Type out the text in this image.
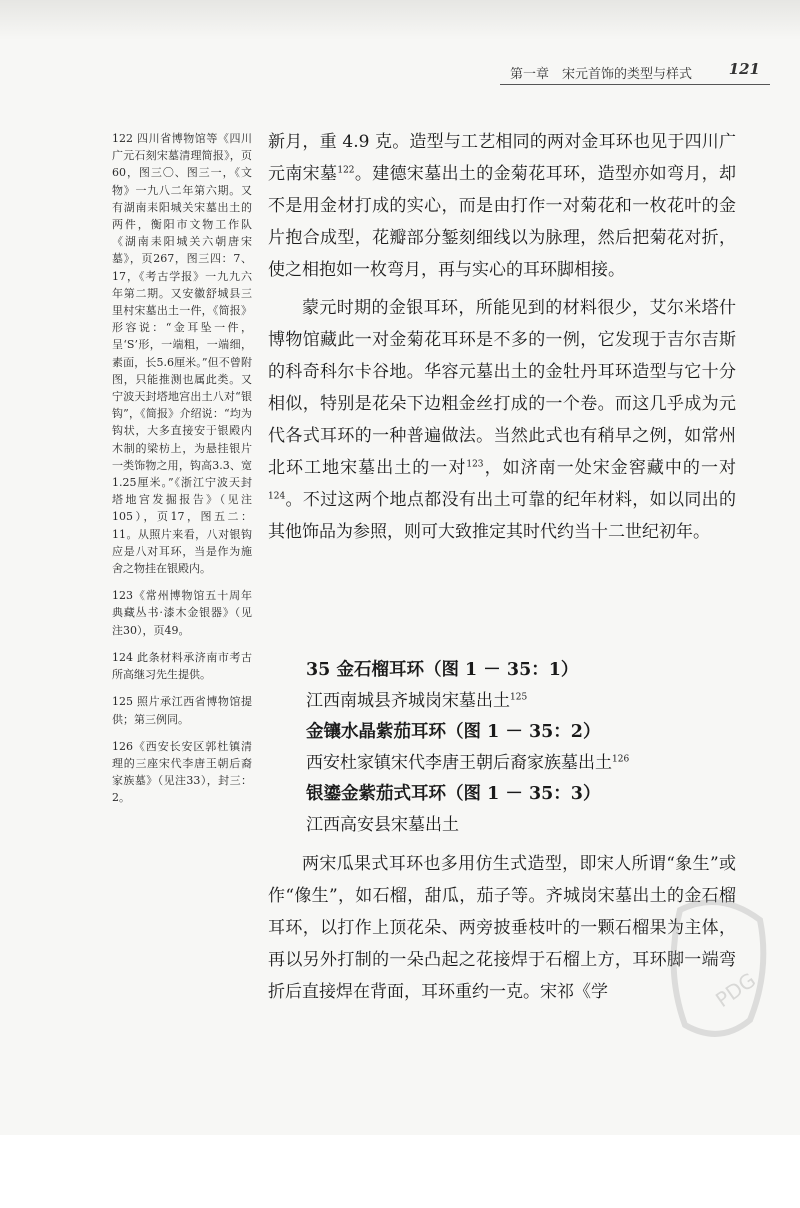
第一章　宋元首饰的类型与样式 121

122 四川省博物馆等《四川广元石刻宋墓清理简报》，页60，图三〇、图三一，《文物》一九八二年第六期。又有湖南耒阳城关宋墓出土的两件，衡阳市文物工作队《湖南耒阳城关六朝唐宋墓》，页267，图三四：7、17，《考古学报》一九九六年第二期。又安徽舒城县三里村宋墓出土一件，《简报》形容说：“金耳坠一件，呈‘S’形，一端粗，一端细，素面，长5.6厘米。”但不曾附图，只能推测也属此类。又宁波天封塔地宫出土八对“银钩”，《简报》介绍说：“均为钩状，大多直接安于银殿内木制的梁枋上，为悬挂银片一类饰物之用，钩高3.3、宽1.25厘米。”《浙江宁波天封塔地宫发掘报告》（见注105），页17，图五二：11。从照片来看，八对银钩应是八对耳环，当是作为施舍之物挂在银殿内。

123《常州博物馆五十周年典藏丛书·漆木金银器》（见注30），页49。

124 此条材料承济南市考古所高继习先生提供。

125 照片承江西省博物馆提供；第三例同。

126《西安长安区郭杜镇清理的三座宋代李唐王朝后裔家族墓》（见注33），封三：2。

新月，重 4.9 克。造型与工艺相同的两对金耳环也见于四川广元南宋墓$^{122}$。建德宋墓出土的金菊花耳环，造型亦如弯月，却不是用金材打成的实心，而是由打作一对菊花和一枚花叶的金片抱合成型，花瓣部分錾刻细线以为脉理，然后把菊花对折，使之相抱如一枚弯月，再与实心的耳环脚相接。

蒙元时期的金银耳环，所能见到的材料很少，艾尔米塔什博物馆藏此一对金菊花耳环是不多的一例，它发现于吉尔吉斯的科奇科尔卡谷地。华容元墓出土的金牡丹耳环造型与它十分相似，特别是花朵下边粗金丝打成的一个卷。而这几乎成为元代各式耳环的一种普遍做法。当然此式也有稍早之例，如常州北环工地宋墓出土的一对$^{123}$，如济南一处宋金窖藏中的一对$^{124}$。不过这两个地点都没有出土可靠的纪年材料，如以同出的其他饰品为参照，则可大致推定其时代约当十二世纪初年。

35 金石榴耳环（图 1 － 35：1）
江西南城县齐城岗宋墓出土$^{125}$
金镶水晶紫茄耳环（图 1 － 35：2）
西安杜家镇宋代李唐王朝后裔家族墓出土$^{126}$
银鎏金紫茄式耳环（图 1 － 35：3）
江西高安县宋墓出土

两宋瓜果式耳环也多用仿生式造型，即宋人所谓“象生”或作“像生”，如石榴，甜瓜，茄子等。齐城岗宋墓出土的金石榴耳环，以打作上顶花朵、两旁披垂枝叶的一颗石榴果为主体，再以另外打制的一朵凸起之花接焊于石榴上方，耳环脚一端弯折后直接焊在背面，耳环重约一克。宋祁《学	PDG
